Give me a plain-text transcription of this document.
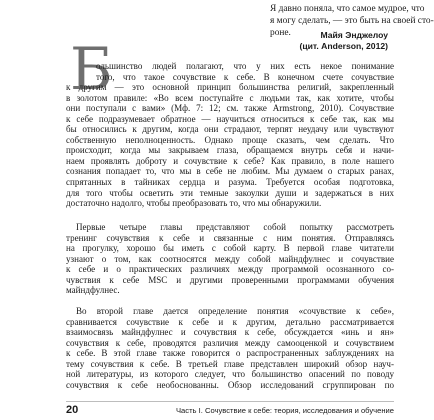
Я давно поняла, что самое мудрое, что
я могу сделать, — это быть на своей сто-
роне.	Майя Энджелоу
(цит. Anderson, 2012)
Б
ольшинство людей полагают, что у них есть некое понимание
того, что такое сочувствие к себе. В конечном счете сочувствие
к другим — это основной принцип большинства религий, закрепленный
в золотом правиле: «Во всем поступайте с людьми так, как хотите, чтобы
они поступали с вами» (Мф. 7: 12; см. также Armstrong, 2010). Сочувствие
к себе подразумевает обратное — научиться относиться к себе так, как мы
бы относились к другим, когда они страдают, терпят неудачу или чувствуют
собственную неполноценность. Однако проще сказать, чем сделать. Что
происходит, когда мы закрываем глаза, обращаемся внутрь себя и начи-
наем проявлять доброту и сочувствие к себе? Как правило, в поле нашего
сознания попадает то, что мы в себе не любим. Мы думаем о старых ранах,
спрятанных в тайниках сердца и разума. Требуется особая подготовка,
для того чтобы осветить эти темные закоулки души и задержаться в них
достаточно надолго, чтобы преобразовать то, что мы обнаружили.
Первые четыре главы представляют собой попытку рассмотреть
тренинг сочувствия к себе и связанные с ним понятия. Отправляясь
на прогулку, хорошо бы иметь с собой карту. В первой главе читатели
узнают о том, как соотносятся между собой майндфулнес и сочувствие
к себе и о практических различиях между программой осознанного со-
чувствия к себе MSC и другими проверенными программами обучения
майндфулнес.
Во второй главе дается определение понятия «сочувствие к себе»,
сравнивается сочувствие к себе и к другим, детально рассматривается
взаимосвязь майндфулнес и сочувствия к себе, обсуждается «инь и ян»
сочувствия к себе, проводятся различия между самооценкой и сочувствием
к себе. В этой главе также говорится о распространенных заблуждениях на
тему сочувствия к себе. В третьей главе представлен широкий обзор науч-
ной литературы, из которого следует, что большинство опасений по поводу
сочувствия к себе необоснованны. Обзор исследований сгруппирован по
20	Часть I. Сочувствие к себе: теория, исследования и обучение
